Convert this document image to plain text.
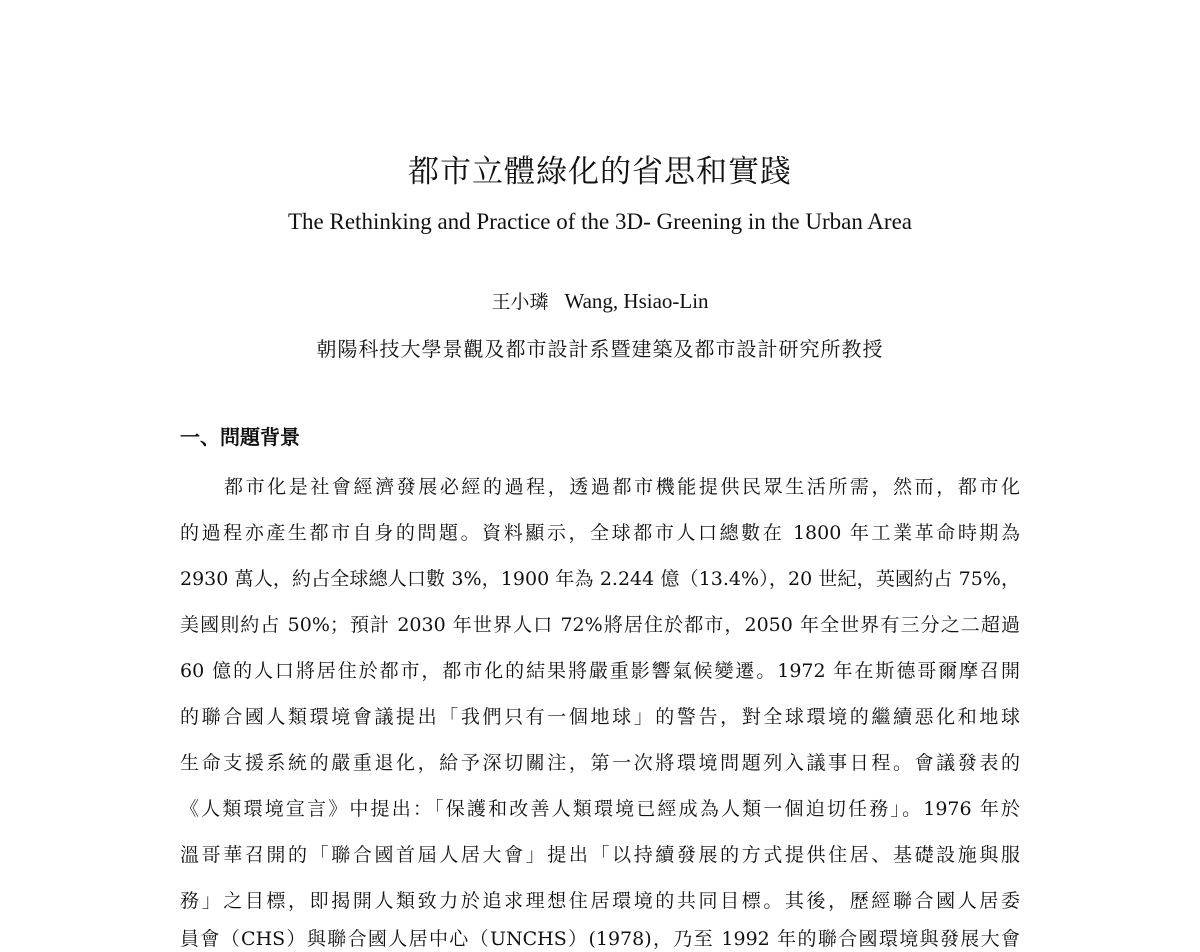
都市立體綠化的省思和實踐
The Rethinking and Practice of the 3D- Greening in the Urban Area
王小璘 Wang, Hsiao-Lin
朝陽科技大學景觀及都市設計系暨建築及都市設計研究所教授
一、問題背景
都市化是社會經濟發展必經的過程，透過都市機能提供民眾生活所需，然而，都市化
的過程亦產生都市自身的問題。資料顯示，全球都市人口總數在 1800 年工業革命時期為
2930 萬人，約占全球總人口數 3%，1900 年為 2.244 億（13.4%），20 世紀，英國約占 75%，
美國則約占 50%；預計 2030 年世界人口 72%將居住於都市，2050 年全世界有三分之二超過
60 億的人口將居住於都市，都市化的結果將嚴重影響氣候變遷。1972 年在斯德哥爾摩召開
的聯合國人類環境會議提出「我們只有一個地球」的警告，對全球環境的繼續惡化和地球
生命支援系統的嚴重退化，給予深切關注，第一次將環境問題列入議事日程。會議發表的
《人類環境宣言》中提出：「保護和改善人類環境已經成為人類一個迫切任務」。1976 年於
溫哥華召開的「聯合國首屆人居大會」提出「以持續發展的方式提供住居、基礎設施與服
務」之目標，即揭開人類致力於追求理想住居環境的共同目標。其後，歷經聯合國人居委
員會（CHS）與聯合國人居中心（UNCHS）(1978)，乃至 1992 年的聯合國環境與發展大會
